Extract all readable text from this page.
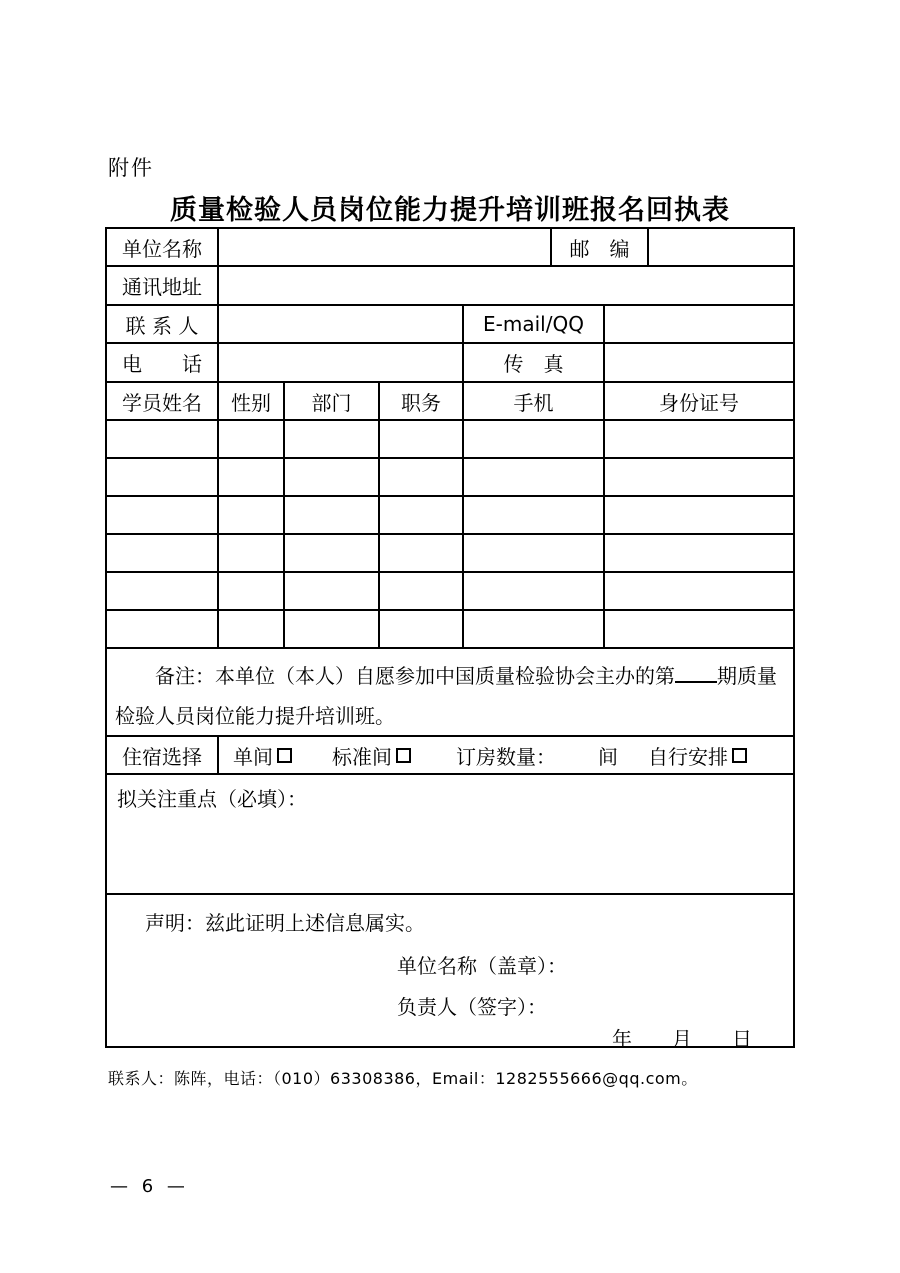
附件
质量检验人员岗位能力提升培训班报名回执表
单位名称	邮　编
通讯地址
联 系 人	E-mail/QQ
电　　话	传　真
学员姓名	性别	部门	职务	手机	身份证号

备注：本单位（本人）自愿参加中国质量检验协会主办的第 期质量检验人员岗位能力提升培训班。

住宿选择	单间	标准间	订房数量： 间 自行安排
拟关注重点（必填）：
声明：兹此证明上述信息属实。
单位名称（盖章）：
负责人（签字）：
年　　月　　日
联系人：陈阵，电话：（010）63308386，Email：1282555666@qq.com。
— 6 —
